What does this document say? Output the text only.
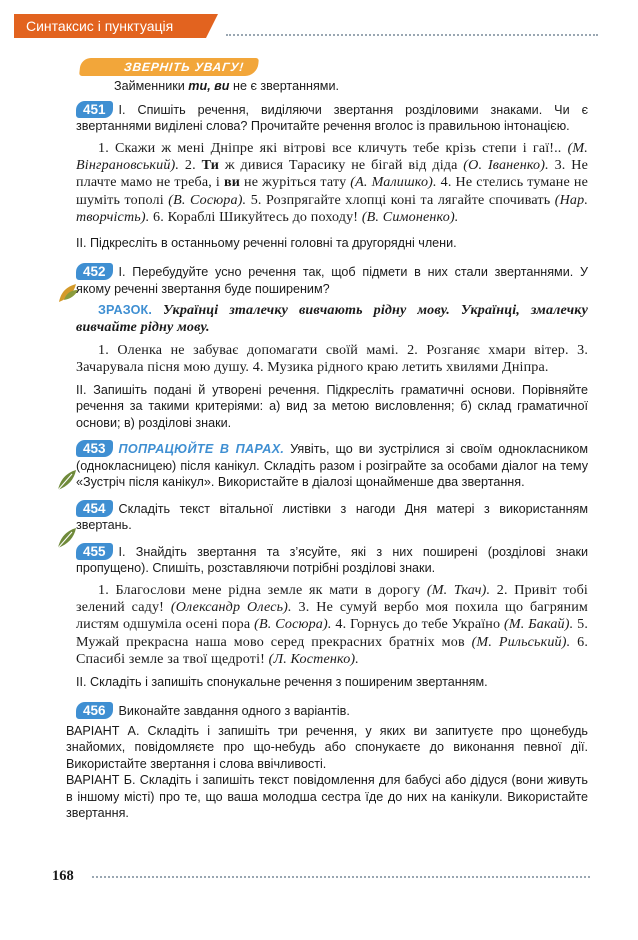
Синтаксис і пунктуація
ЗВЕРНІТЬ УВАГУ!

Займенники ти, ви не є звертаннями.

451 І. Спишіть речення, виділяючи звертання розділовими знаками. Чи є звертаннями виділені слова? Прочитайте речення вголос із правильною інтонацією.

1. Скажи ж мені Дніпре які вітрові все кличуть тебе крізь степи і гаї!.. (М. Вінграновський). 2. Ти ж дивися Тарасику не бігай від діда (О. Іваненко). 3. Не плачте мамо не треба, і ви не журіться тату (А. Малишко). 4. Не стелись тумане не шуміть тополі (В. Сосюра). 5. Розпрягайте хлопці коні та лягайте спочивать (Нар. творчість). 6. Кораблі Шикуйтесь до походу! (В. Симоненко).

ІІ. Підкресліть в останньому реченні головні та другорядні члени.

452 І. Перебудуйте усно речення так, щоб підмети в них стали звертаннями. У якому реченні звертання буде поширеним?

ЗРАЗОК. Українці зmалечку вивчають рідну мову. Українці, змалечку вивчайте рідну мову.

1. Оленка не забуває допомагати своїй мамі. 2. Розганяє хмари вітер. 3. Зачарувала пісня мою душу. 4. Музика рідного краю летить хвилями Дніпра.

ІІ. Запишіть подані й утворені речення. Підкресліть граматичні основи. Порівняйте речення за такими критеріями: а) вид за метою висловлення; б) склад граматичної основи; в) розділові знаки.

453 ПОПРАЦЮЙТЕ В ПАРАХ. Уявіть, що ви зустрілися зі своїм однокласником (однокласницею) після канікул. Складіть разом і розіграйте за особами діалог на тему «Зустріч після канікул». Використайте в діалозі щонайменше два звертання.

454 Складіть текст вітальної листівки з нагоди Дня матері з використанням звертань.

455 І. Знайдіть звертання та з’ясуйте, які з них поширені (розділові знаки пропущено). Спишіть, розставляючи потрібні розділові знаки.

1. Благослови мене рідна земле як мати в дорогу (М. Ткач). 2. Привіт тобі зелений саду! (Олександр Олесь). 3. Не сумуй вербо моя похила що багряним листям одшуміла осені пора (В. Сосюра). 4. Горнусь до тебе Україно (М. Бакай). 5. Мужай прекрасна наша мово серед прекрасних братніх мов (М. Рильський). 6. Спасибі земле за твої щедроті! (Л. Костенко).

ІІ. Складіть і запишіть спонукальне речення з поширеним звертанням.

456 Виконайте завдання одного з варіантів.

ВАРІАНТ А. Складіть і запишіть три речення, у яких ви запитуєте про щонебудь знайомих, повідомляєте про що-небудь або спонукаєте до виконання певної дії. Використайте звертання і слова ввічливості.

ВАРІАНТ Б. Складіть і запишіть текст повідомлення для бабусі або дідуся (вони живуть в іншому місті) про те, що ваша молодша сестра їде до них на канікули. Використайте звертання.

168
